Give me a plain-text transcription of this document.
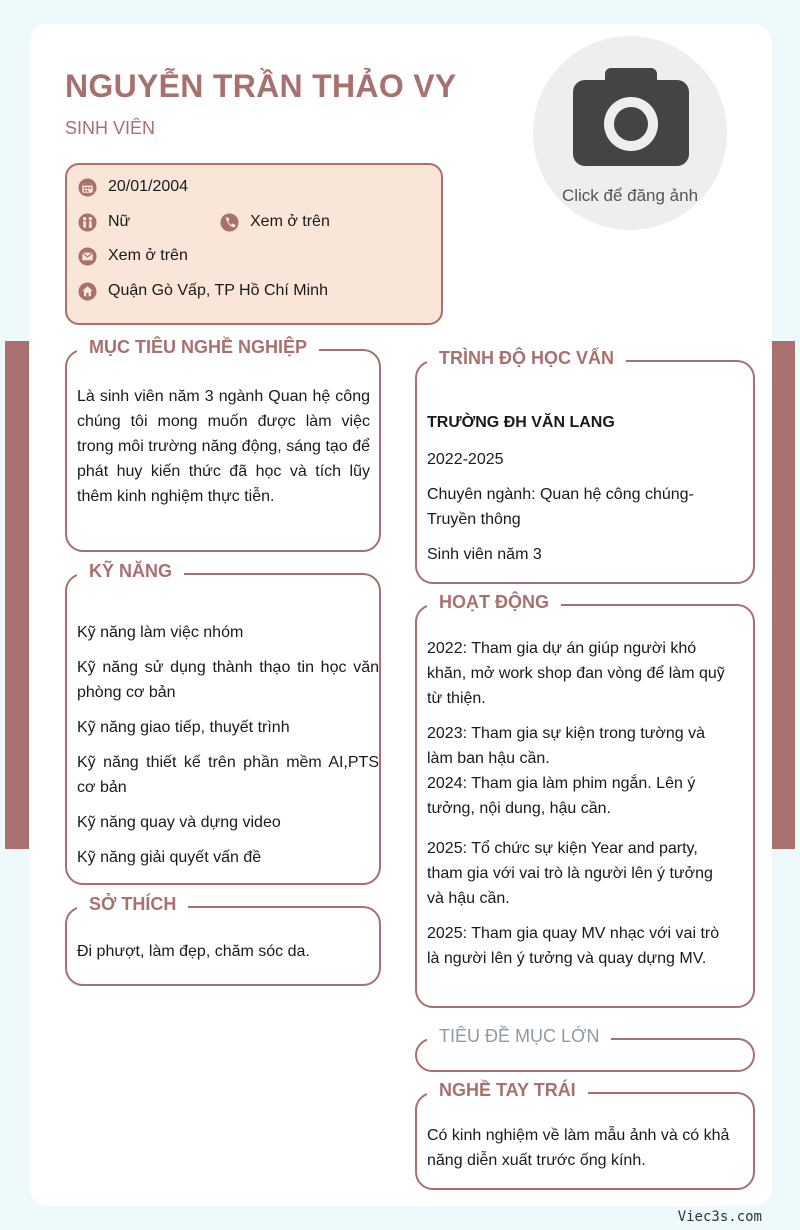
NGUYỄN TRẦN THẢO VY
SINH VIÊN
Click để đăng ảnh
20/01/2004
Nữ	Xem ở trên
Xem ở trên
Quận Gò Vấp, TP Hồ Chí Minh
MỤC TIÊU NGHỀ NGHIỆP
Là sinh viên năm 3 ngành Quan hệ công chúng tôi mong muốn được làm việc trong môi trường năng động, sáng tạo để phát huy kiến thức đã học và tích lũy thêm kinh nghiệm thực tiễn.
KỸ NĂNG
Kỹ năng làm việc nhóm
Kỹ năng sử dụng thành thạo tin học văn phòng cơ bản
Kỹ năng giao tiếp, thuyết trình
Kỹ năng thiết kế trên phần mềm AI,PTS cơ bản
Kỹ năng quay và dựng video
Kỹ năng giải quyết vấn đề
SỞ THÍCH
Đi phượt, làm đẹp, chăm sóc da.
TRÌNH ĐỘ HỌC VẤN
TRƯỜNG ĐH VĂN LANG
2022-2025
Chuyên ngành: Quan hệ công chúng- Truyền thông
Sinh viên năm 3
HOẠT ĐỘNG
2022: Tham gia dự án giúp người khó khăn, mở work shop đan vòng để làm quỹ từ thiện.
2023: Tham gia sự kiện trong tường và làm ban hậu cần.
2024: Tham gia làm phim ngắn. Lên ý tưởng, nội dung, hậu cần.
2025: Tổ chức sự kiện Year and party, tham gia với vai trò là người lên ý tưởng và hậu cần.
2025: Tham gia quay MV nhạc với vai trò là người lên ý tưởng và quay dựng MV.
TIÊU ĐỀ MỤC LỚN
NGHỀ TAY TRÁI
Có kinh nghiệm về làm mẫu ảnh và có khả năng diễn xuất trước ống kính.
Viec3s.com
